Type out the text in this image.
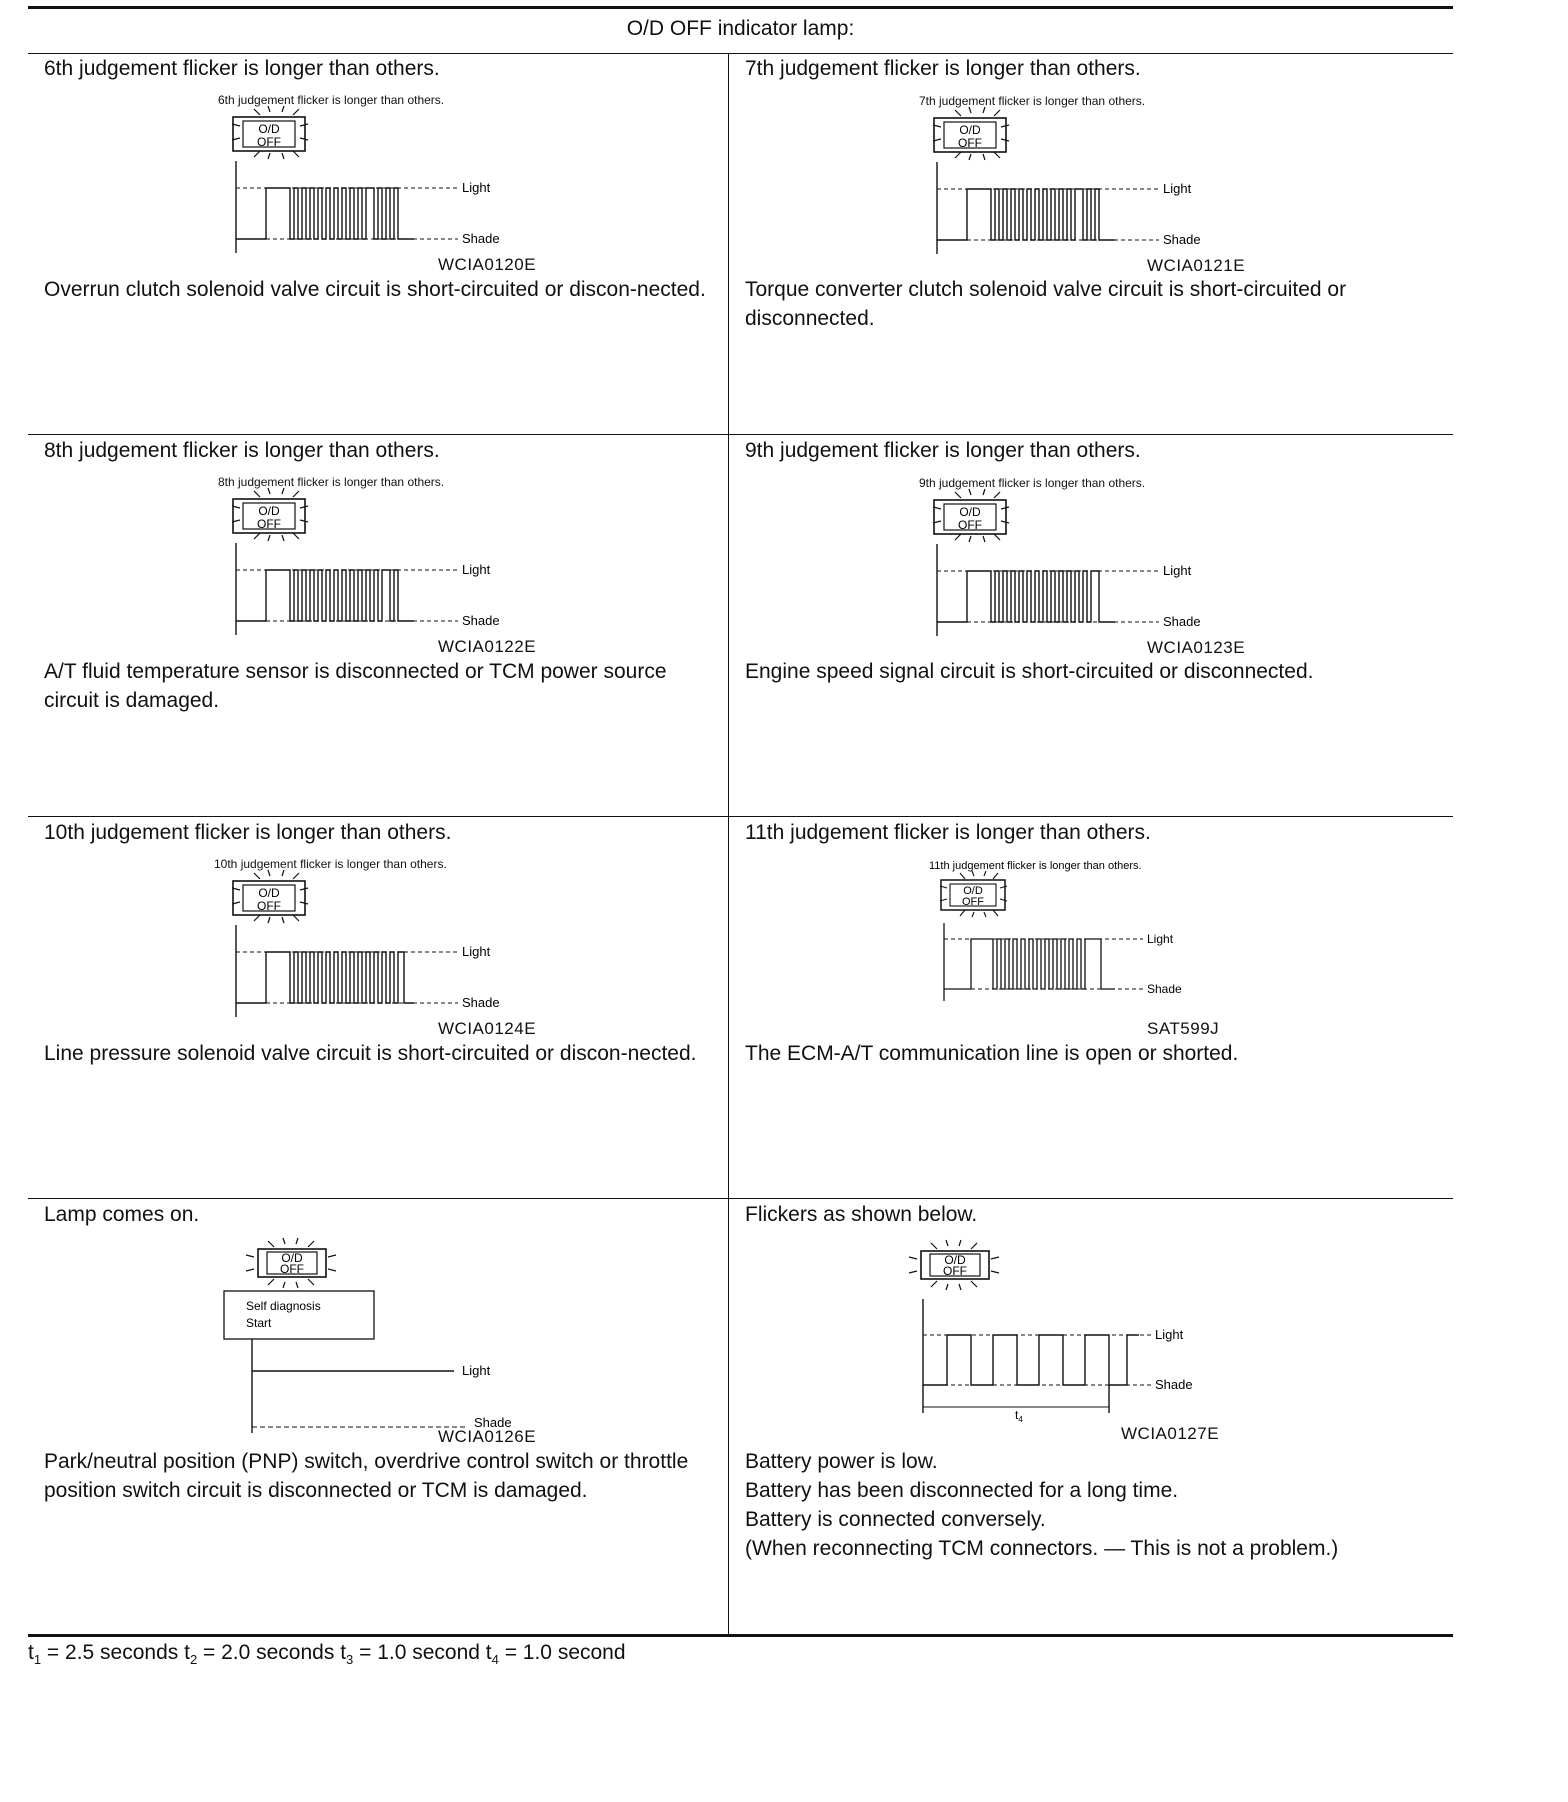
O/D OFF indicator lamp:
6th judgement flicker is longer than others.
6th judgement flicker is longer than others.
O/D
OFF
Light
Shade
WCIA0120E
Overrun clutch solenoid valve circuit is short-circuited or discon-nected.
7th judgement flicker is longer than others.
7th judgement flicker is longer than others.
O/D
OFF
Light
Shade
WCIA0121E
Torque converter clutch solenoid valve circuit is short-circuited or disconnected.
8th judgement flicker is longer than others.
8th judgement flicker is longer than others.
O/D
OFF
Light
Shade
WCIA0122E
A/T fluid temperature sensor is disconnected or TCM power source circuit is damaged.
9th judgement flicker is longer than others.
9th judgement flicker is longer than others.
O/D
OFF
Light
Shade
WCIA0123E
Engine speed signal circuit is short-circuited or disconnected.
10th judgement flicker is longer than others.
10th judgement flicker is longer than others.
O/D
OFF
Light
Shade
WCIA0124E
Line pressure solenoid valve circuit is short-circuited or discon-nected.
11th judgement flicker is longer than others.
11th judgement flicker is longer than others.
O/D
OFF
Light
Shade
SAT599J
The ECM-A/T communication line is open or shorted.
Lamp comes on.
O/D
OFF
Self diagnosis
Start
Light
Shade
WCIA0126E
Park/neutral position (PNP) switch, overdrive control switch or throttle position switch circuit is disconnected or TCM is damaged.
Flickers as shown below.
O/D
OFF
Light
Shade
$t_4$
WCIA0127E
Battery power is low.
Battery has been disconnected for a long time.
Battery is connected conversely.
(When reconnecting TCM connectors. — This is not a problem.)
$t_1 = 2.5$ seconds $t_2 = 2.0$ seconds $t_3 = 1.0$ second $t_4 = 1.0$ second
